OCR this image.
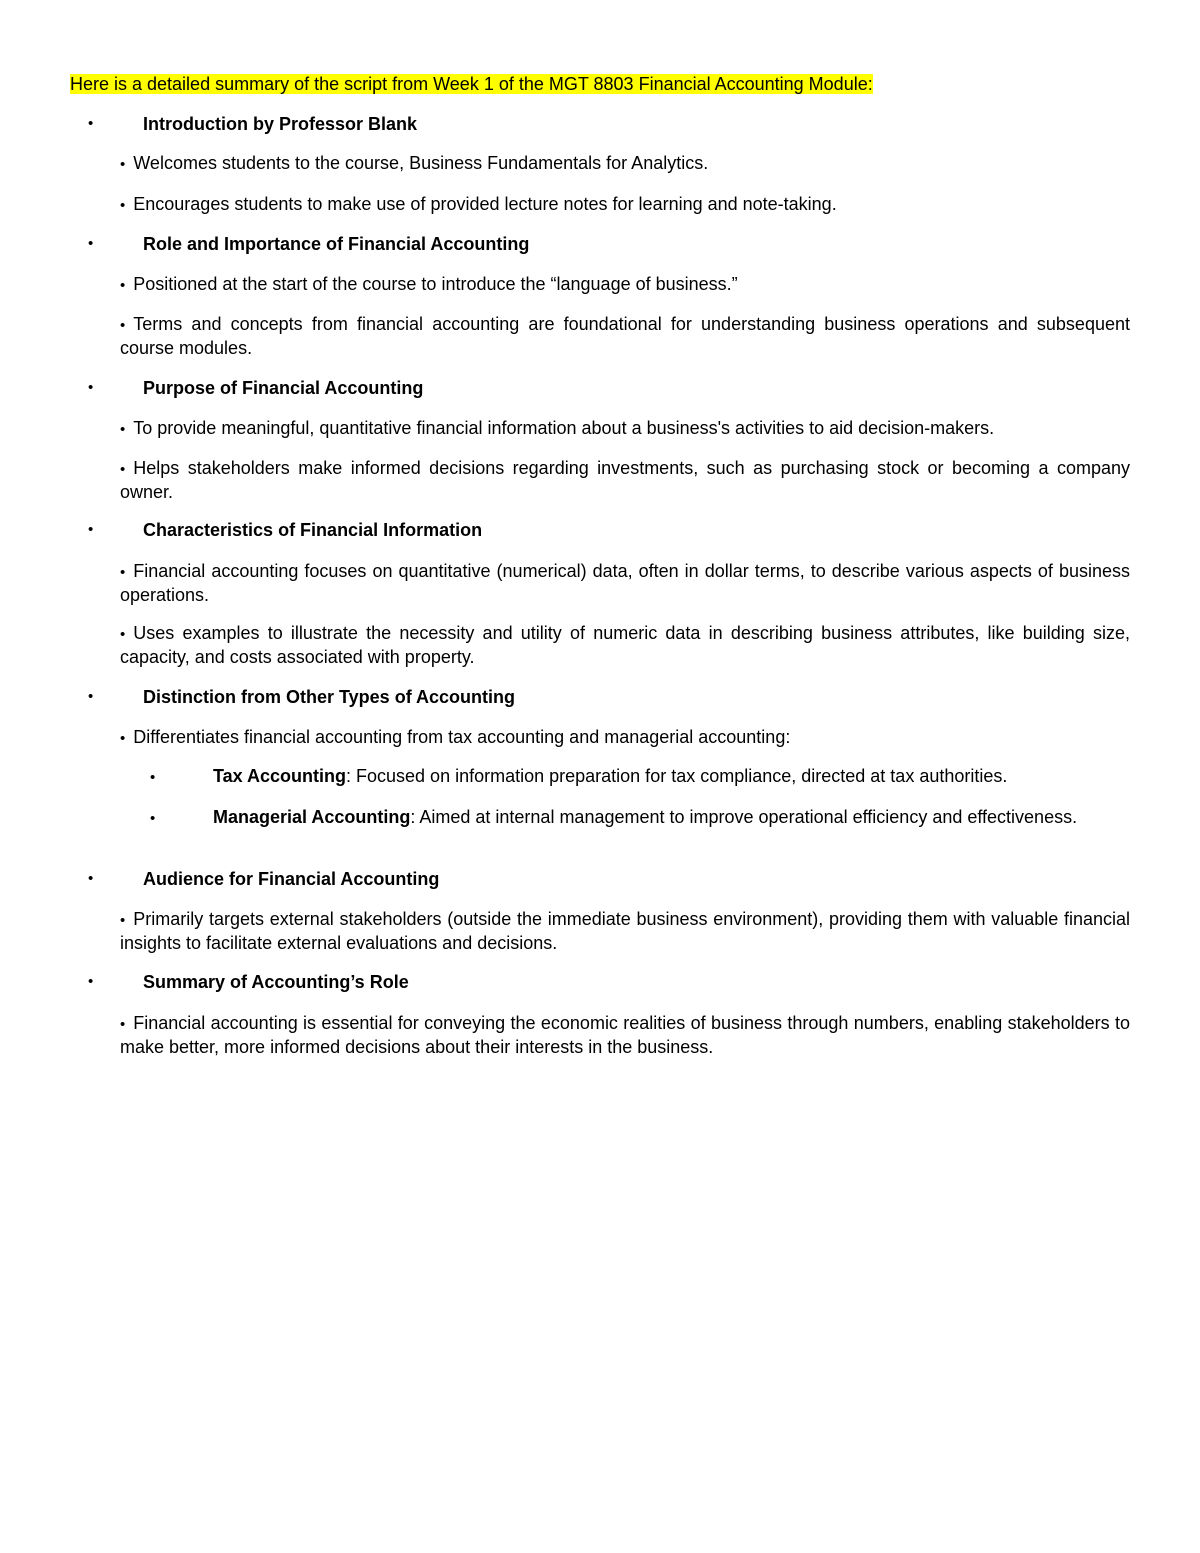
Here is a detailed summary of the script from Week 1 of the MGT 8803 Financial Accounting Module:
•	Introduction by Professor Blank
• Welcomes students to the course, Business Fundamentals for Analytics.
• Encourages students to make use of provided lecture notes for learning and note-taking.
•	Role and Importance of Financial Accounting
• Positioned at the start of the course to introduce the “language of business.”
• Terms and concepts from financial accounting are foundational for understanding business operations and subsequent course modules.
•	Purpose of Financial Accounting
• To provide meaningful, quantitative financial information about a business's activities to aid decision-makers.
• Helps stakeholders make informed decisions regarding investments, such as purchasing stock or becoming a company owner.
•	Characteristics of Financial Information
• Financial accounting focuses on quantitative (numerical) data, often in dollar terms, to describe various aspects of business operations.
• Uses examples to illustrate the necessity and utility of numeric data in describing business attributes, like building size, capacity, and costs associated with property.
•	Distinction from Other Types of Accounting
• Differentiates financial accounting from tax accounting and managerial accounting:
•	Tax Accounting: Focused on information preparation for tax compliance, directed at tax authorities.
•	Managerial Accounting: Aimed at internal management to improve operational efficiency and effectiveness.
•	Audience for Financial Accounting
• Primarily targets external stakeholders (outside the immediate business environment), providing them with valuable financial insights to facilitate external evaluations and decisions.
•	Summary of Accounting’s Role
• Financial accounting is essential for conveying the economic realities of business through numbers, enabling stakeholders to make better, more informed decisions about their interests in the business.
